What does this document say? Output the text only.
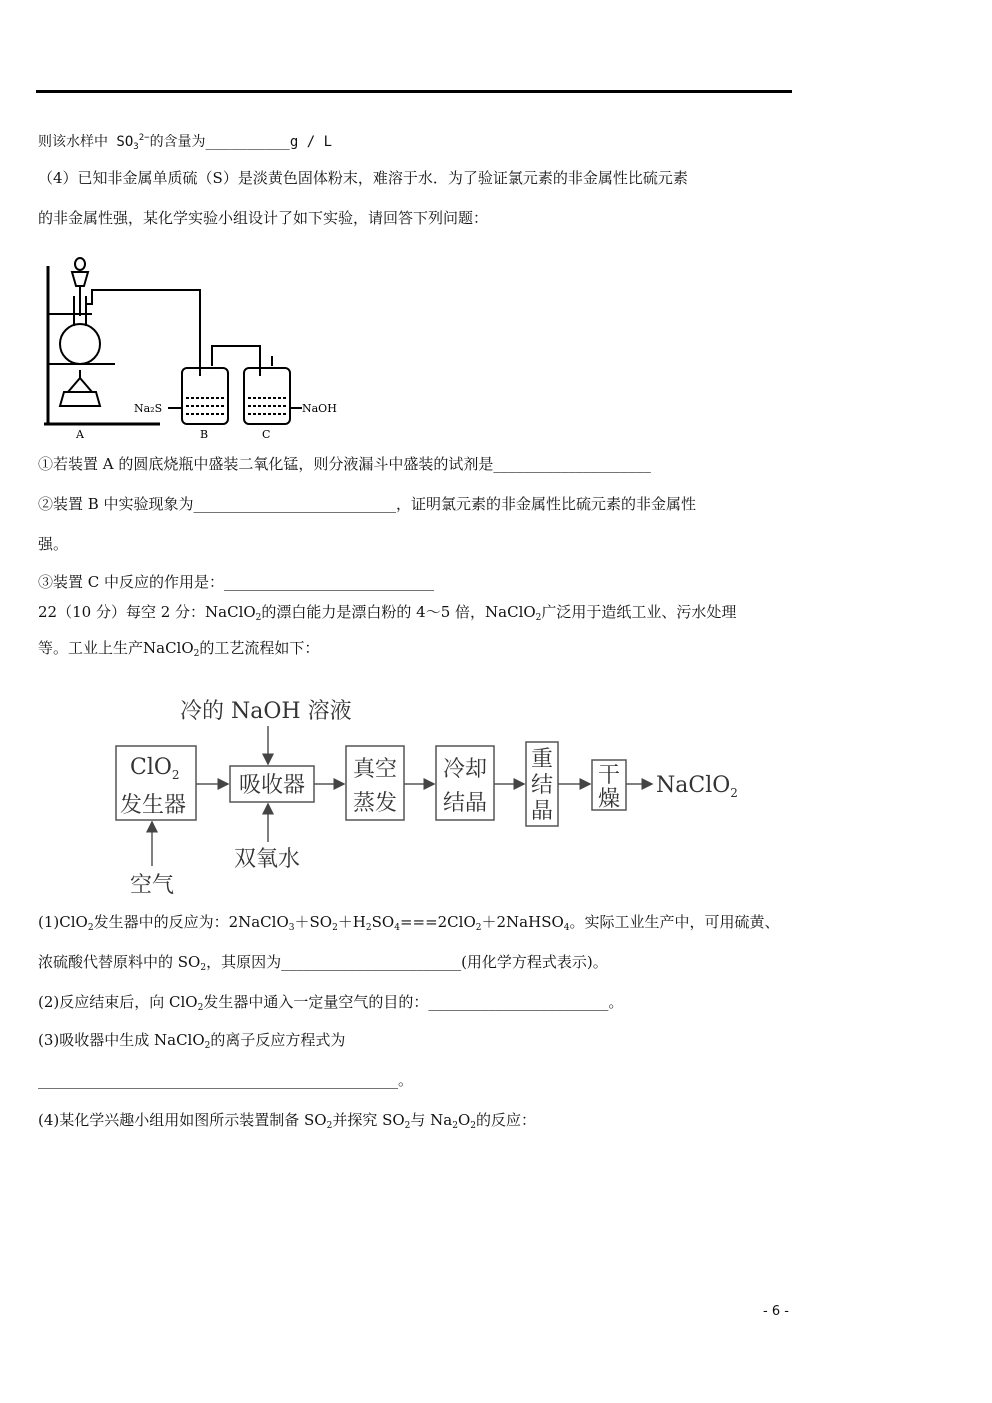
则该水样中 $SO_3^{2-}$的含量为__________g / L
（4）已知非金属单质硫（S）是淡黄色固体粉末，难溶于水．为了验证氯元素的非金属性比硫元素
的非金属性强，某化学实验小组设计了如下实验，请回答下列问题：
A	B	C
Na₂S	NaOH
①若装置 A 的圆底烧瓶中盛装二氧化锰，则分液漏斗中盛装的试剂是_____________________
②装置 B 中实验现象为___________________________，证明氯元素的非金属性比硫元素的非金属性
强。
③装置 C 中反应的作用是：____________________________
22（10 分）每空 2 分：NaClO$_2$的漂白能力是漂白粉的 4～5 倍，NaClO$_2$广泛用于造纸工业、污水处理
等。工业上生产NaClO$_2$的工艺流程如下：
冷的 NaOH 溶液
ClO$_2$
发生器
吸收器
真空
蒸发
冷却
结晶
重
结
晶
干
燥
NaClO$_2$
双氧水
空气
(1)ClO$_2$发生器中的反应为：$2NaClO_3+SO_2+H_2SO_4===2ClO_2+2NaHSO_4$。实际工业生产中，可用硫黄、
浓硫酸代替原料中的 $SO_2$，其原因为________________________(用化学方程式表示)。
(2)反应结束后，向 ClO$_2$发生器中通入一定量空气的目的：________________________。
(3)吸收器中生成 NaClO$_2$的离子反应方程式为
________________________________________________。
(4)某化学兴趣小组用如图所示装置制备 $SO_2$并探究 $SO_2$与 $Na_2O_2$的反应：
- 6 -
